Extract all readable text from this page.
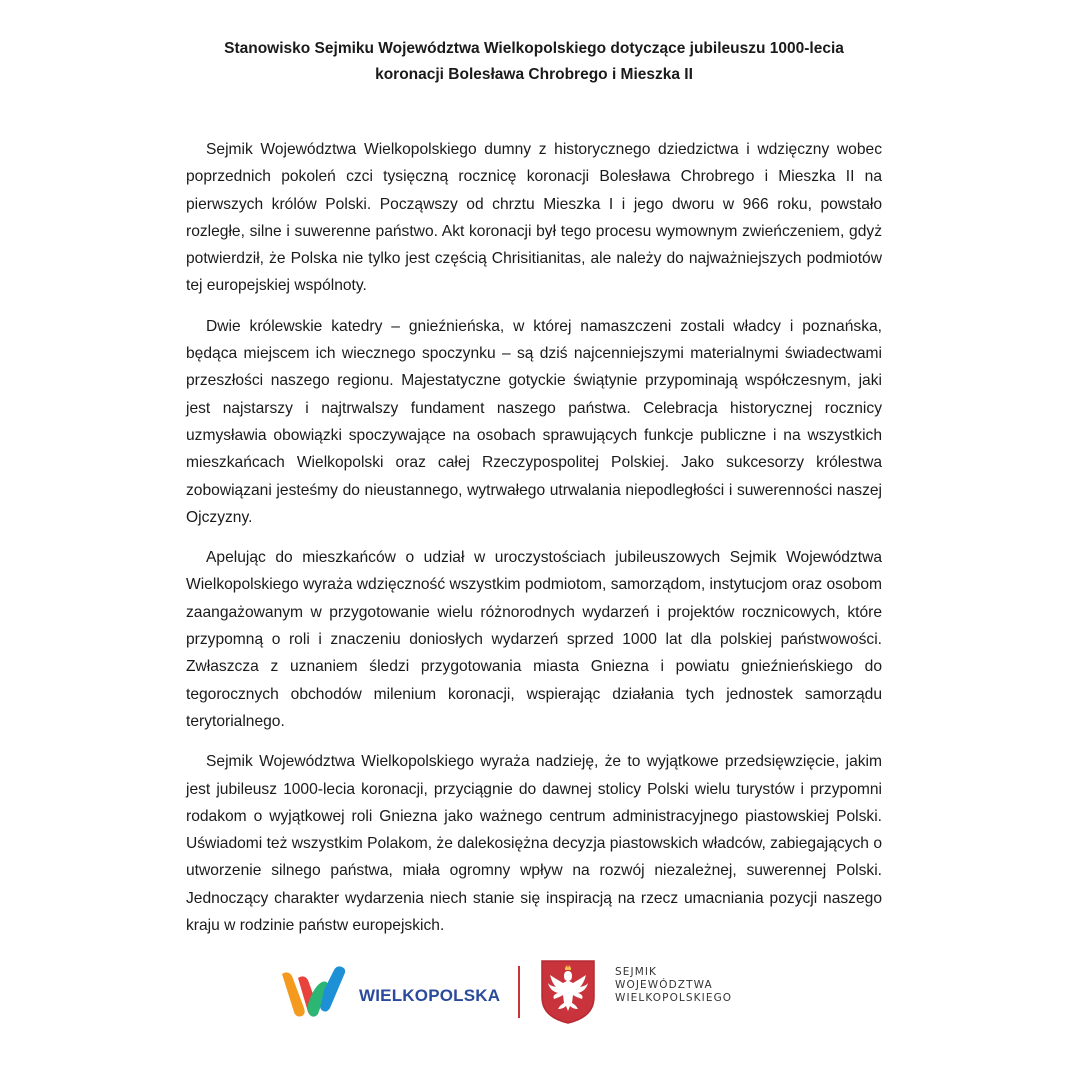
Stanowisko Sejmiku Województwa Wielkopolskiego dotyczące jubileuszu 1000-lecia
koronacji Bolesława Chrobrego i Mieszka II

Sejmik Województwa Wielkopolskiego dumny z historycznego dziedzictwa i wdzięczny wobec poprzednich pokoleń czci tysięczną rocznicę koronacji Bolesława Chrobrego i Mieszka II na pierwszych królów Polski. Począwszy od chrztu Mieszka I i jego dworu w 966 roku, powstało rozległe, silne i suwerenne państwo. Akt koronacji był tego procesu wymownym zwieńczeniem, gdyż potwierdził, że Polska nie tylko jest częścią Chrisitianitas, ale należy do najważniejszych podmiotów tej europejskiej wspólnoty.

Dwie królewskie katedry – gnieźnieńska, w której namaszczeni zostali władcy i poznańska, będąca miejscem ich wiecznego spoczynku – są dziś najcenniejszymi materialnymi świadectwami przeszłości naszego regionu. Majestatyczne gotyckie świątynie przypominają współczesnym, jaki jest najstarszy i najtrwalszy fundament naszego państwa. Celebracja historycznej rocznicy uzmysławia obowiązki spoczywające na osobach sprawujących funkcje publiczne i na wszystkich mieszkańcach Wielkopolski oraz całej Rzeczypospolitej Polskiej. Jako sukcesorzy królestwa zobowiązani jesteśmy do nieustannego, wytrwałego utrwalania niepodległości i suwerenności naszej Ojczyzny.

Apelując do mieszkańców o udział w uroczystościach jubileuszowych Sejmik Województwa Wielkopolskiego wyraża wdzięczność wszystkim podmiotom, samorządom, instytucjom oraz osobom zaangażowanym w przygotowanie wielu różnorodnych wydarzeń i projektów rocznicowych, które przypomną o roli i znaczeniu doniosłych wydarzeń sprzed 1000 lat dla polskiej państwowości. Zwłaszcza z uznaniem śledzi przygotowania miasta Gniezna i powiatu gnieźnieńskiego do tegorocznych obchodów milenium koronacji, wspierając działania tych jednostek samorządu terytorialnego.

Sejmik Województwa Wielkopolskiego wyraża nadzieję, że to wyjątkowe przedsięwzięcie, jakim jest jubileusz 1000-lecia koronacji, przyciągnie do dawnej stolicy Polski wielu turystów i przypomni rodakom o wyjątkowej roli Gniezna jako ważnego centrum administracyjnego piastowskiej Polski. Uświadomi też wszystkim Polakom, że dalekosiężna decyzja piastowskich władców, zabiegających o utworzenie silnego państwa, miała ogromny wpływ na rozwój niezależnej, suwerennej Polski. Jednoczący charakter wydarzenia niech stanie się inspiracją na rzecz umacniania pozycji naszego kraju w rodzinie państw europejskich.

WIELKOPOLSKA
SEJMIK
WOJEWÓDZTWA
WIELKOPOLSKIEGO
